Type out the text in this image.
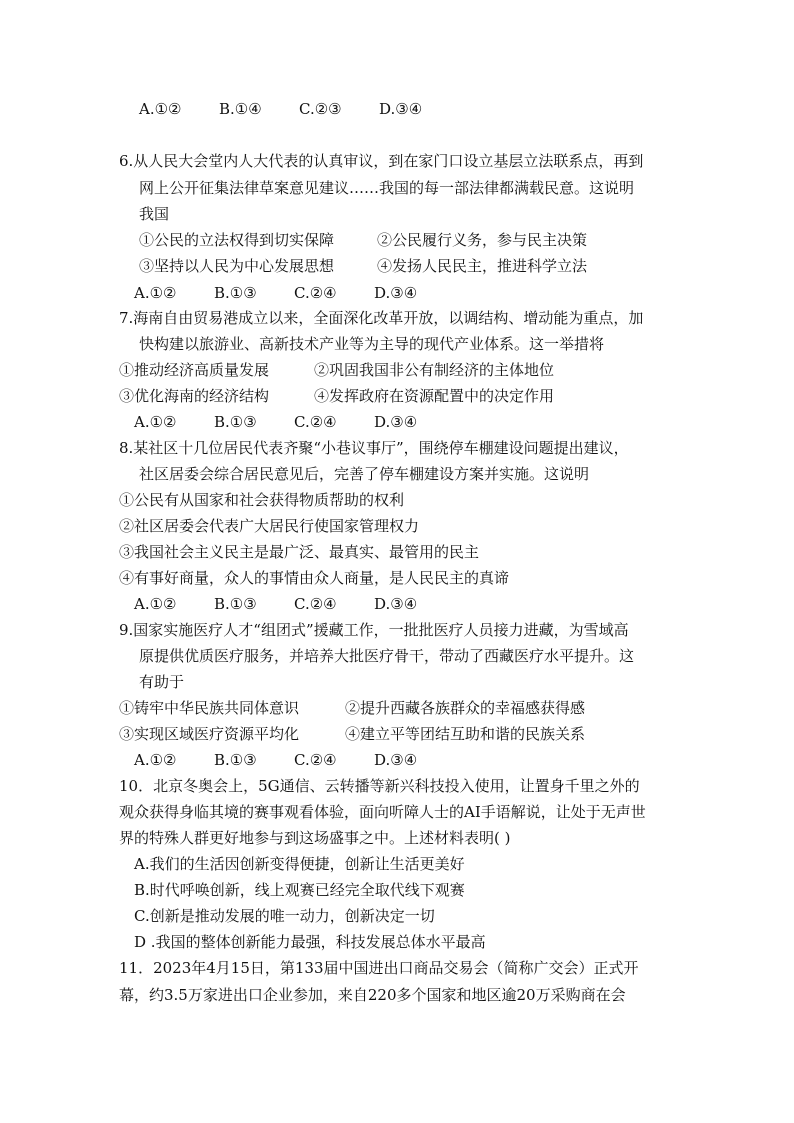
A.①②	B.①④ C.②③ D.③④
6.从人民大会堂内人大代表的认真审议，到在家门口设立基层立法联系点，再到
网上公开征集法律草案意见建议……我国的每一部法律都满载民意。这说明
我国
①公民的立法权得到切实保障	②公民履行义务，参与民主决策
③坚持以人民为中心发展思想	④发扬人民民主，推进科学立法
A.①②	B.①③ C.②④ D.③④
7.海南自由贸易港成立以来，全面深化改革开放，以调结构、增动能为重点，加
快构建以旅游业、高新技术产业等为主导的现代产业体系。这一举措将
①推动经济高质量发展	②巩固我国非公有制经济的主体地位
③优化海南的经济结构	④发挥政府在资源配置中的决定作用
A.①②	B.①③ C.②④ D.③④
8.某社区十几位居民代表齐聚“小巷议事厅”，围绕停车棚建设问题提出建议，
社区居委会综合居民意见后，完善了停车棚建设方案并实施。这说明
①公民有从国家和社会获得物质帮助的权利
②社区居委会代表广大居民行使国家管理权力
③我国社会主义民主是最广泛、最真实、最管用的民主
④有事好商量，众人的事情由众人商量，是人民民主的真谛
A.①②	B.①③ C.②④ D.③④
9.国家实施医疗人才“组团式”援藏工作，一批批医疗人员接力进藏，为雪域高
原提供优质医疗服务，并培养大批医疗骨干，带动了西藏医疗水平提升。这
有助于
①铸牢中华民族共同体意识	②提升西藏各族群众的幸福感获得感
③实现区域医疗资源平均化	④建立平等团结互助和谐的民族关系
A.①②	B.①③ C.②④ D.③④
10．北京冬奥会上，5G通信、云转播等新兴科技投入使用，让置身千里之外的
观众获得身临其境的赛事观看体验，面向听障人士的AI手语解说，让处于无声世
界的特殊人群更好地参与到这场盛事之中。上述材料表明( )
A.我们的生活因创新变得便捷，创新让生活更美好
B.时代呼唤创新，线上观赛已经完全取代线下观赛
C.创新是推动发展的唯一动力，创新决定一切
D .我国的整体创新能力最强，科技发展总体水平最高
11．2023年4月15日，第133届中国进出口商品交易会（简称广交会）正式开
幕，约3.5万家进出口企业参加，来自220多个国家和地区逾20万采购商在会
